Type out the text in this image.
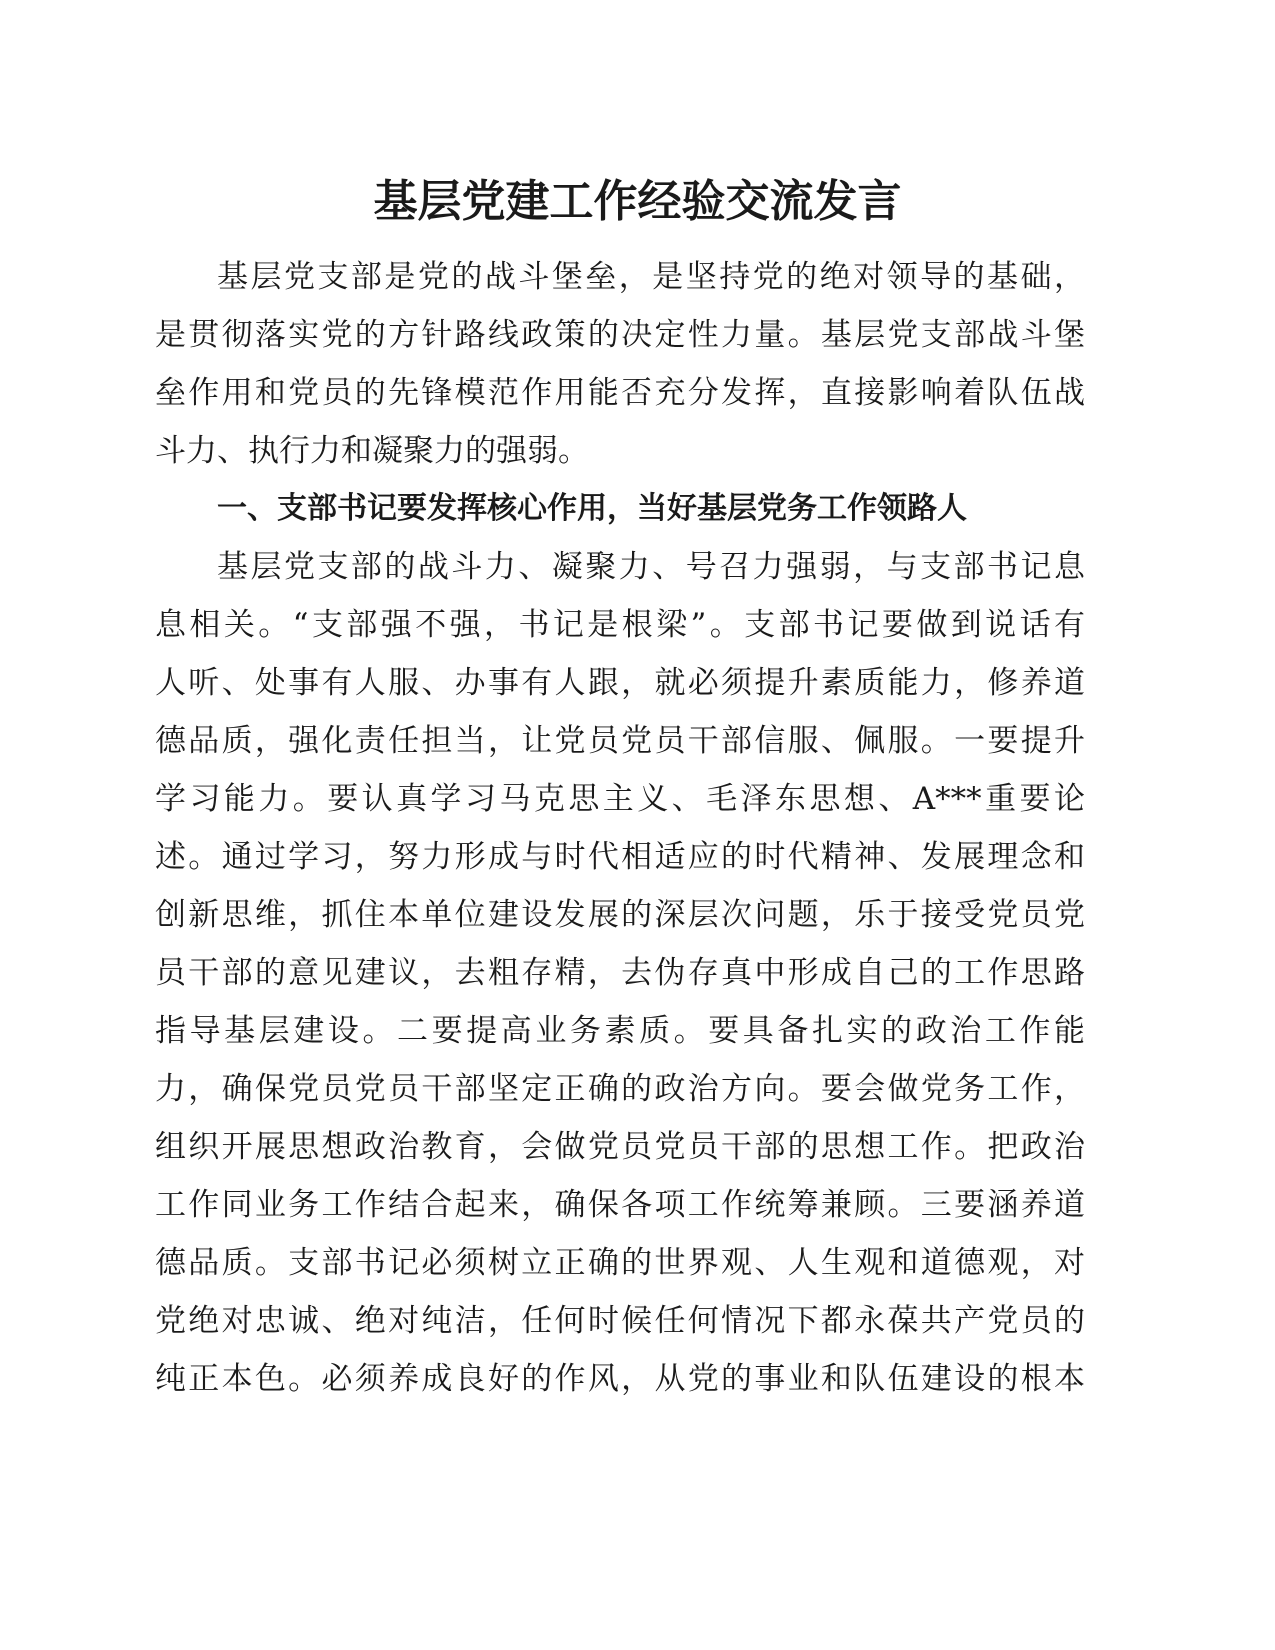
基层党建工作经验交流发言
基层党支部是党的战斗堡垒，是坚持党的绝对领导的基础，
是贯彻落实党的方针路线政策的决定性力量。基层党支部战斗堡
垒作用和党员的先锋模范作用能否充分发挥，直接影响着队伍战
斗力、执行力和凝聚力的强弱。
一、支部书记要发挥核心作用，当好基层党务工作领路人
基层党支部的战斗力、凝聚力、号召力强弱，与支部书记息
息相关。“支部强不强，书记是根梁”。支部书记要做到说话有
人听、处事有人服、办事有人跟，就必须提升素质能力，修养道
德品质，强化责任担当，让党员党员干部信服、佩服。一要提升
学习能力。要认真学习马克思主义、毛泽东思想、A***重要论
述。通过学习，努力形成与时代相适应的时代精神、发展理念和
创新思维，抓住本单位建设发展的深层次问题，乐于接受党员党
员干部的意见建议，去粗存精，去伪存真中形成自己的工作思路
指导基层建设。二要提高业务素质。要具备扎实的政治工作能
力，确保党员党员干部坚定正确的政治方向。要会做党务工作，
组织开展思想政治教育，会做党员党员干部的思想工作。把政治
工作同业务工作结合起来，确保各项工作统筹兼顾。三要涵养道
德品质。支部书记必须树立正确的世界观、人生观和道德观，对
党绝对忠诚、绝对纯洁，任何时候任何情况下都永葆共产党员的
纯正本色。必须养成良好的作风，从党的事业和队伍建设的根本
